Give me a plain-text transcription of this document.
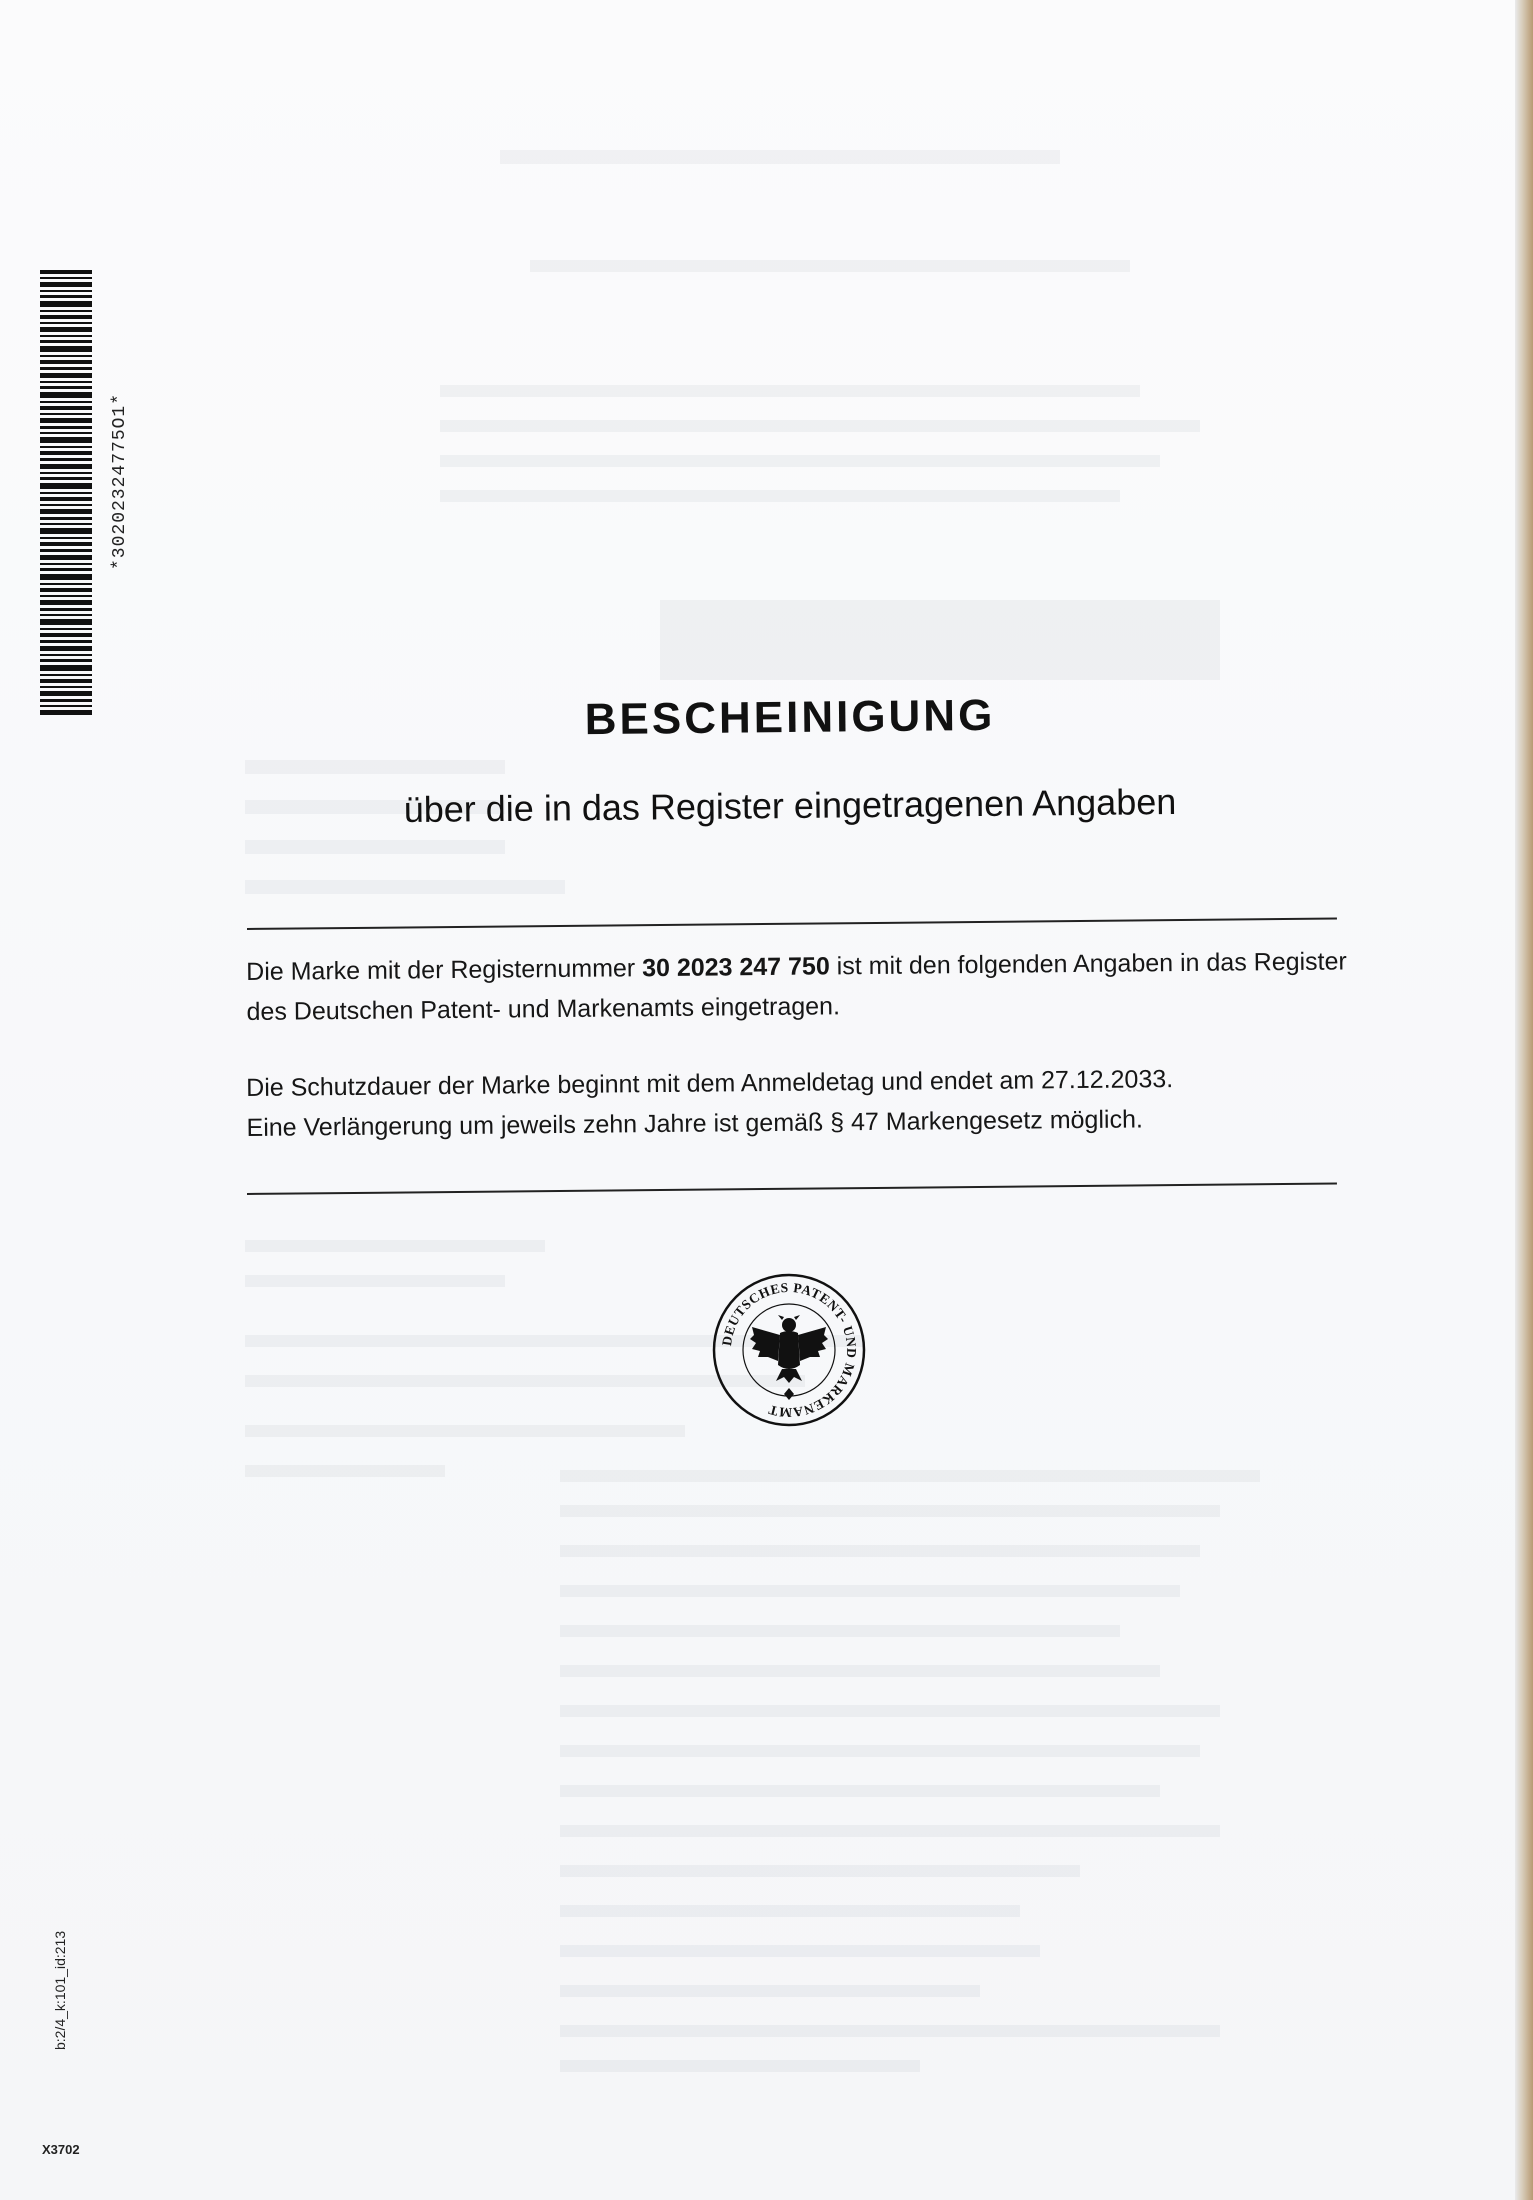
*30202324775O1*
BESCHEINIGUNG
über die in das Register eingetragenen Angaben
Die Marke mit der Registernummer 30 2023 247 750 ist mit den folgenden Angaben in das Register des Deutschen Patent- und Markenamts eingetragen.
Die Schutzdauer der Marke beginnt mit dem Anmeldetag und endet am 27.12.2033.
Eine Verlängerung um jeweils zehn Jahre ist gemäß § 47 Markengesetz möglich.
DEUTSCHES PATENT- UND MARKENAMT
b:2/4_k:101_id:213
X3702
